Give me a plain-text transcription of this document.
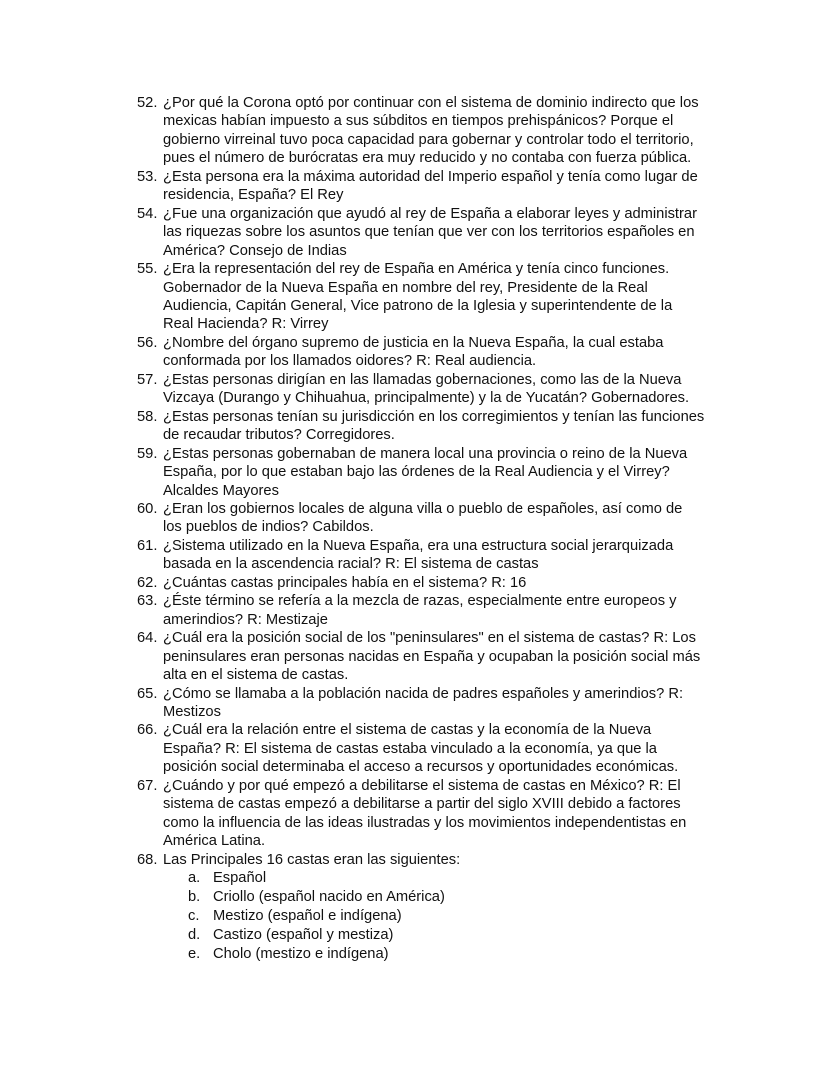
52. ¿Por qué la Corona optó por continuar con el sistema de dominio indirecto que los
mexicas habían impuesto a sus súbditos en tiempos prehispánicos? Porque el
gobierno virreinal tuvo poca capacidad para gobernar y controlar todo el territorio,
pues el número de burócratas era muy reducido y no contaba con fuerza pública.
53. ¿Esta persona era la máxima autoridad del Imperio español y tenía como lugar de
residencia, España? El Rey
54. ¿Fue una organización que ayudó al rey de España a elaborar leyes y administrar
las riquezas sobre los asuntos que tenían que ver con los territorios españoles en
América? Consejo de Indias
55. ¿Era la representación del rey de España en América y tenía cinco funciones.
Gobernador de la Nueva España en nombre del rey, Presidente de la Real
Audiencia, Capitán General, Vice patrono de la Iglesia y superintendente de la
Real Hacienda? R: Virrey
56. ¿Nombre del órgano supremo de justicia en la Nueva España, la cual estaba
conformada por los llamados oidores? R: Real audiencia.
57. ¿Estas personas dirigían en las llamadas gobernaciones, como las de la Nueva
Vizcaya (Durango y Chihuahua, principalmente) y la de Yucatán? Gobernadores.
58. ¿Estas personas tenían su jurisdicción en los corregimientos y tenían las funciones
de recaudar tributos? Corregidores.
59. ¿Estas personas gobernaban de manera local una provincia o reino de la Nueva
España, por lo que estaban bajo las órdenes de la Real Audiencia y el Virrey?
Alcaldes Mayores
60. ¿Eran los gobiernos locales de alguna villa o pueblo de españoles, así como de
los pueblos de indios? Cabildos.
61. ¿Sistema utilizado en la Nueva España, era una estructura social jerarquizada
basada en la ascendencia racial? R: El sistema de castas
62. ¿Cuántas castas principales había en el sistema? R: 16
63. ¿Éste término se refería a la mezcla de razas, especialmente entre europeos y
amerindios? R: Mestizaje
64. ¿Cuál era la posición social de los "peninsulares" en el sistema de castas? R: Los
peninsulares eran personas nacidas en España y ocupaban la posición social más
alta en el sistema de castas.
65. ¿Cómo se llamaba a la población nacida de padres españoles y amerindios? R:
Mestizos
66. ¿Cuál era la relación entre el sistema de castas y la economía de la Nueva
España? R: El sistema de castas estaba vinculado a la economía, ya que la
posición social determinaba el acceso a recursos y oportunidades económicas.
67. ¿Cuándo y por qué empezó a debilitarse el sistema de castas en México? R: El
sistema de castas empezó a debilitarse a partir del siglo XVIII debido a factores
como la influencia de las ideas ilustradas y los movimientos independentistas en
América Latina.
68. Las Principales 16 castas eran las siguientes:
a. Español
b. Criollo (español nacido en América)
c. Mestizo (español e indígena)
d. Castizo (español y mestiza)
e. Cholo (mestizo e indígena)
